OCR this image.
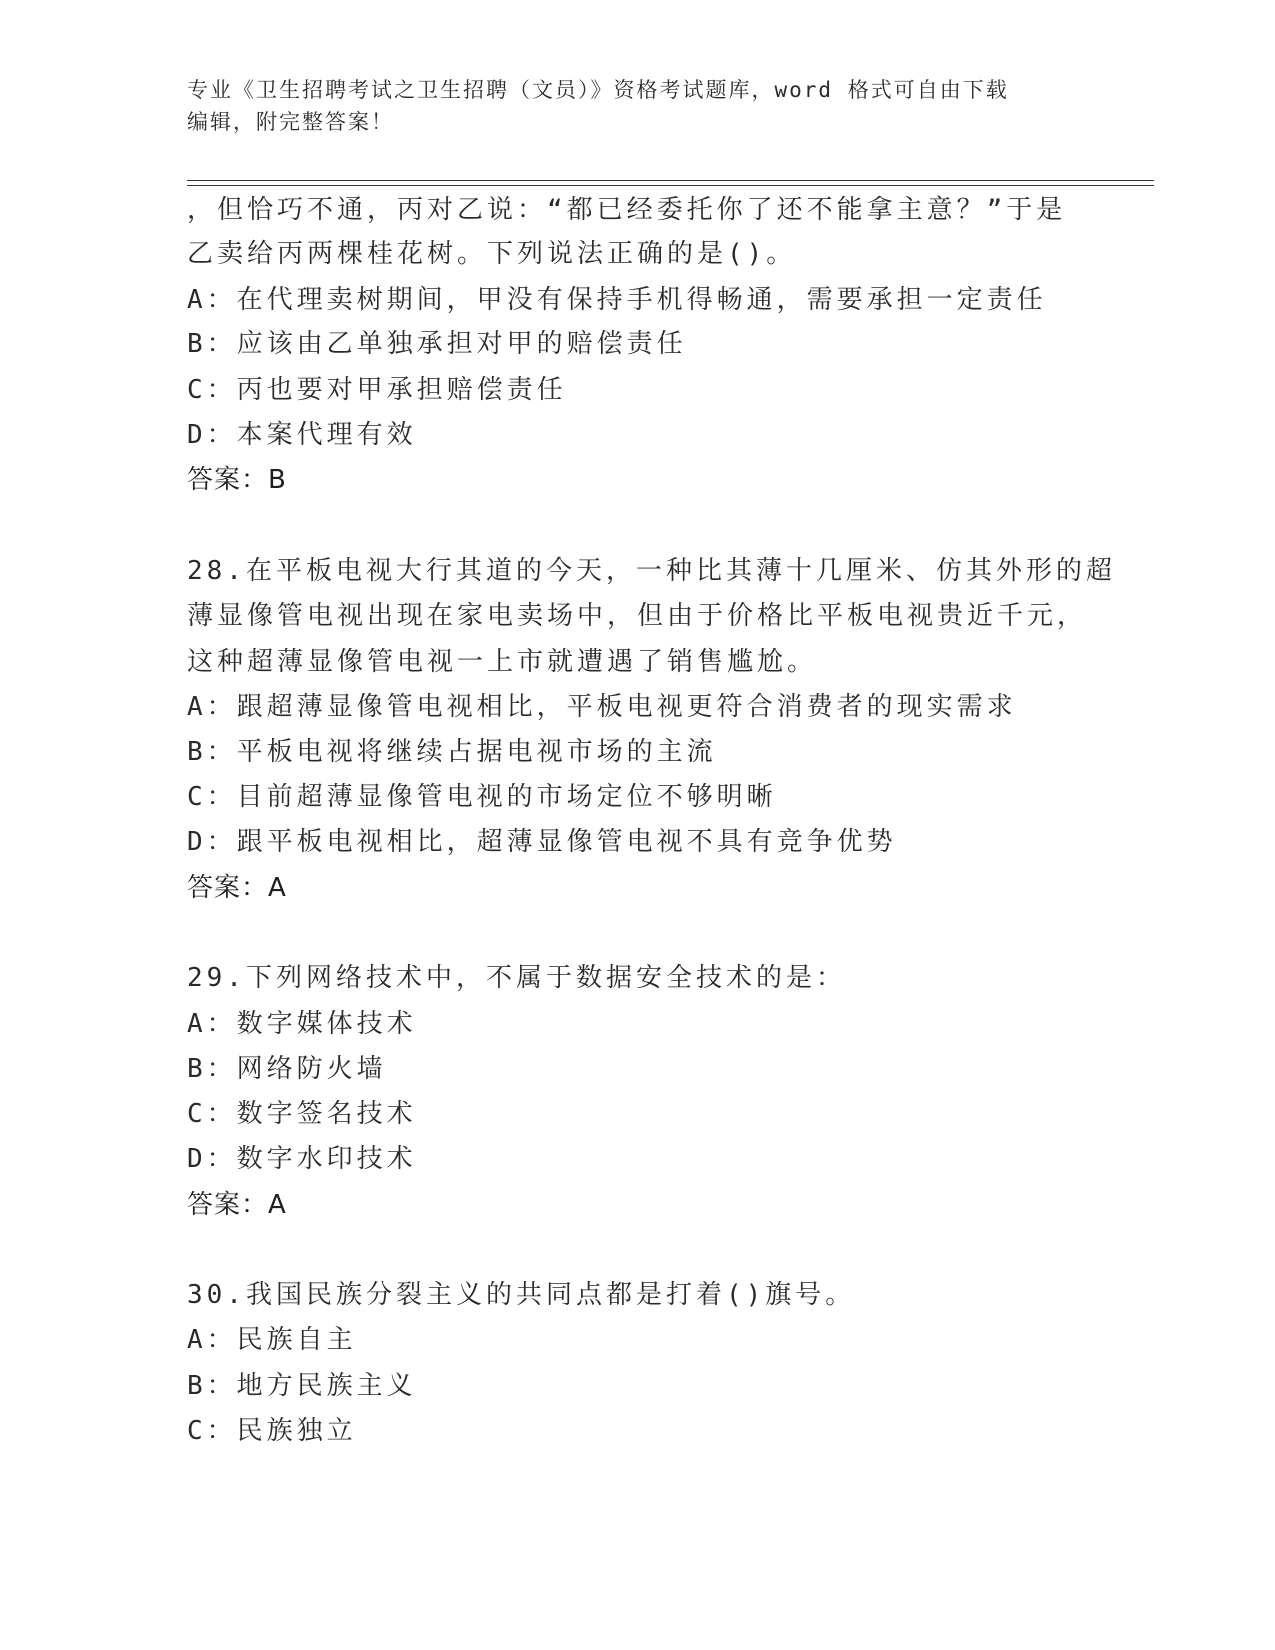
专业《卫生招聘考试之卫生招聘（文员）》资格考试题库，word 格式可自由下载
编辑，附完整答案！
，但恰巧不通，丙对乙说：“都已经委托你了还不能拿主意？”于是
乙卖给丙两棵桂花树。下列说法正确的是()。
A：在代理卖树期间，甲没有保持手机得畅通，需要承担一定责任
B：应该由乙单独承担对甲的赔偿责任
C：丙也要对甲承担赔偿责任
D：本案代理有效
答案：B
28.在平板电视大行其道的今天，一种比其薄十几厘米、仿其外形的超
薄显像管电视出现在家电卖场中，但由于价格比平板电视贵近千元，
这种超薄显像管电视一上市就遭遇了销售尴尬。
A：跟超薄显像管电视相比，平板电视更符合消费者的现实需求
B：平板电视将继续占据电视市场的主流
C：目前超薄显像管电视的市场定位不够明晰
D：跟平板电视相比，超薄显像管电视不具有竞争优势
答案：A
29.下列网络技术中，不属于数据安全技术的是：
A：数字媒体技术
B：网络防火墙
C：数字签名技术
D：数字水印技术
答案：A
30.我国民族分裂主义的共同点都是打着()旗号。
A：民族自主
B：地方民族主义
C：民族独立
